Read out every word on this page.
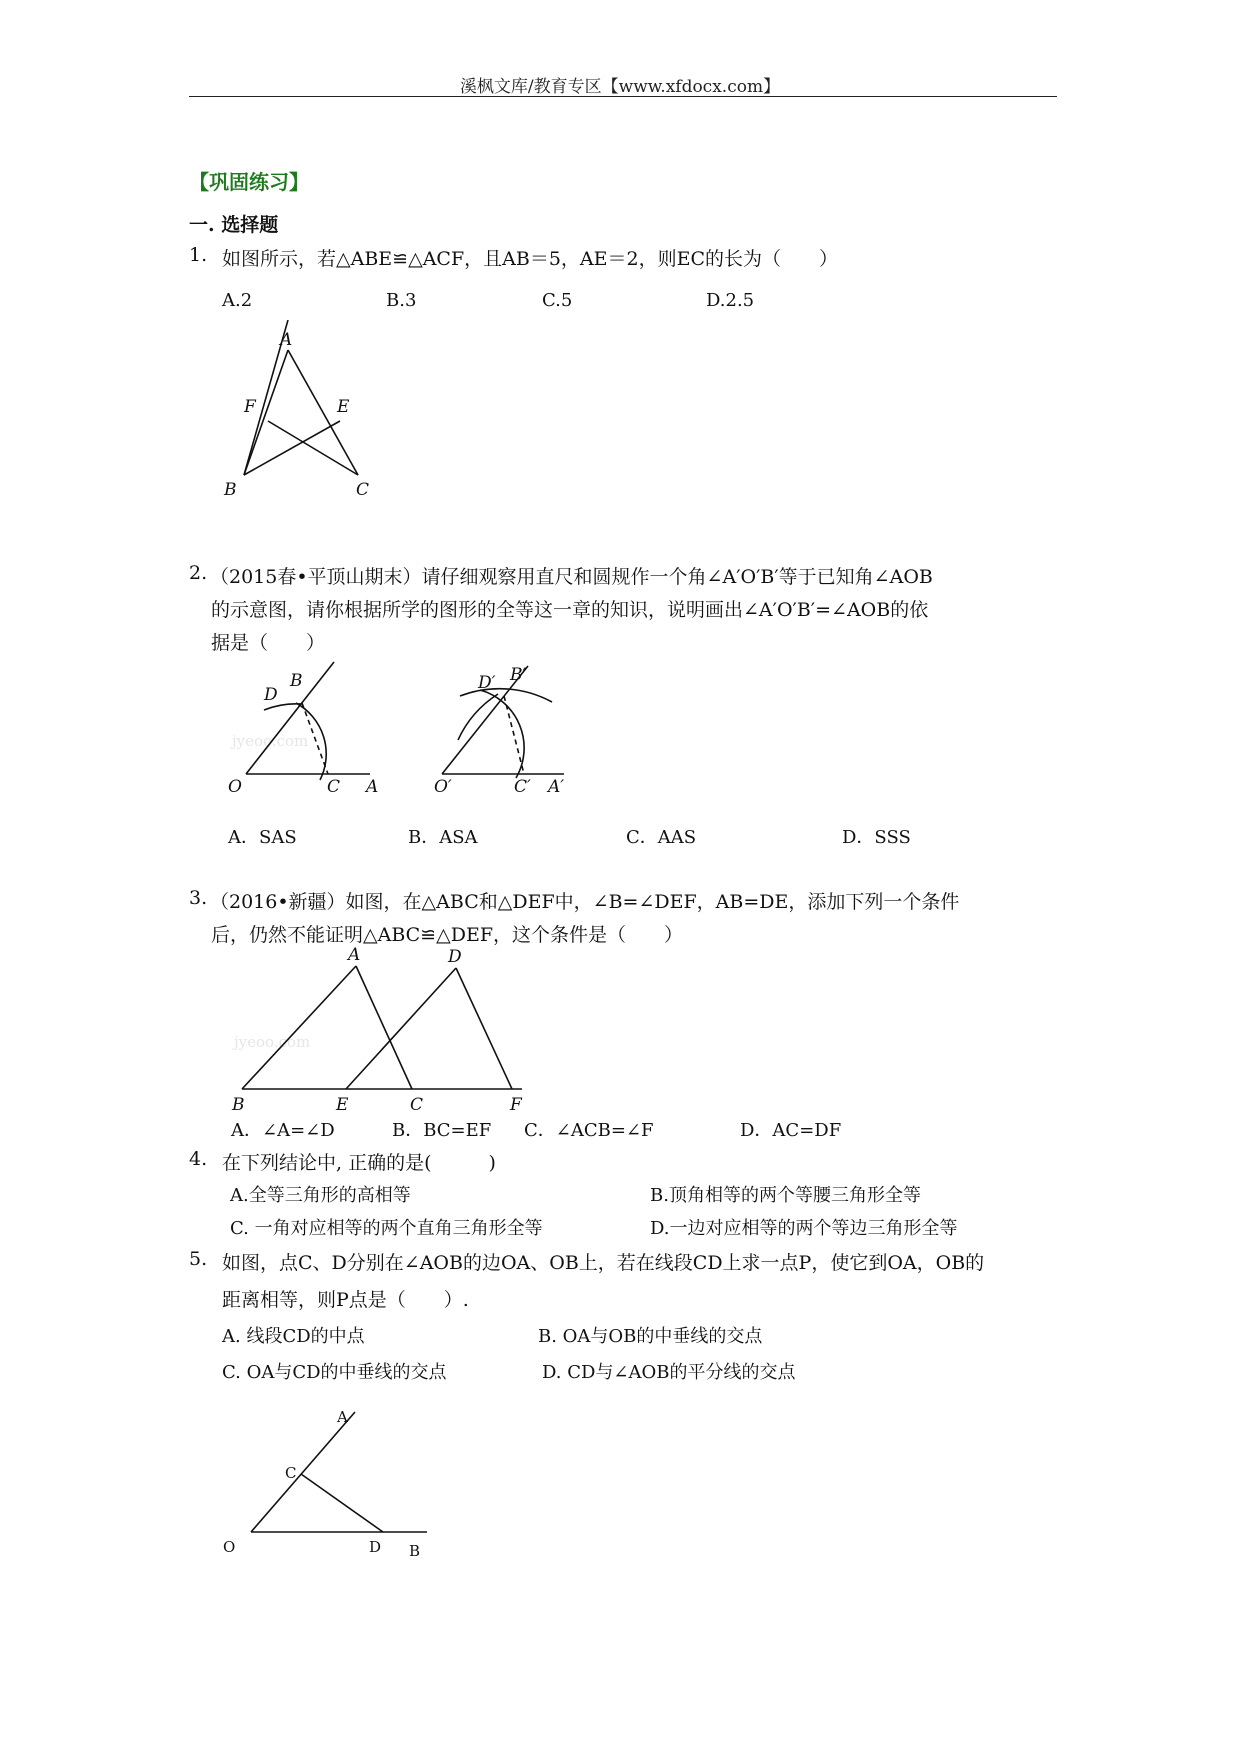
溪枫文库/教育专区【www.xfdocx.com】
【巩固练习】
一. 选择题
1. 如图所示，若△ABE≌△ACF，且AB＝5，AE＝2，则EC的长为（　　）
A.2	B.3	C.5	D.2.5
A
F	E
B	C
2. （2015春•平顶山期末）请仔细观察用直尺和圆规作一个角∠A′O′B′等于已知角∠AOB
的示意图，请你根据所学的图形的全等这一章的知识，说明画出∠A′O′B′=∠AOB的依
据是（　　）
jyeoo.com
B
D
O	C A
B′
D′
O′	C′ A′
A．SAS	B．ASA	C．AAS	D．SSS
3. （2016•新疆）如图，在△ABC和△DEF中，∠B=∠DEF，AB=DE，添加下列一个条件
后，仍然不能证明△ABC≌△DEF，这个条件是（　　）
jyeoo.com
A	D
B	E	C	F
A．∠A=∠D	B．BC=EF C．∠ACB=∠F	D．AC=DF
4. 在下列结论中, 正确的是(　　　)
A.全等三角形的高相等	B.顶角相等的两个等腰三角形全等
C. 一角对应相等的两个直角三角形全等	D.一边对应相等的两个等边三角形全等
5. 如图，点C、D分别在∠AOB的边OA、OB上，若在线段CD上求一点P，使它到OA，OB的
距离相等，则P点是（　　）.
A. 线段CD的中点	B. OA与OB的中垂线的交点
C. OA与CD的中垂线的交点	D. CD与∠AOB的平分线的交点
A
C
O	D B
